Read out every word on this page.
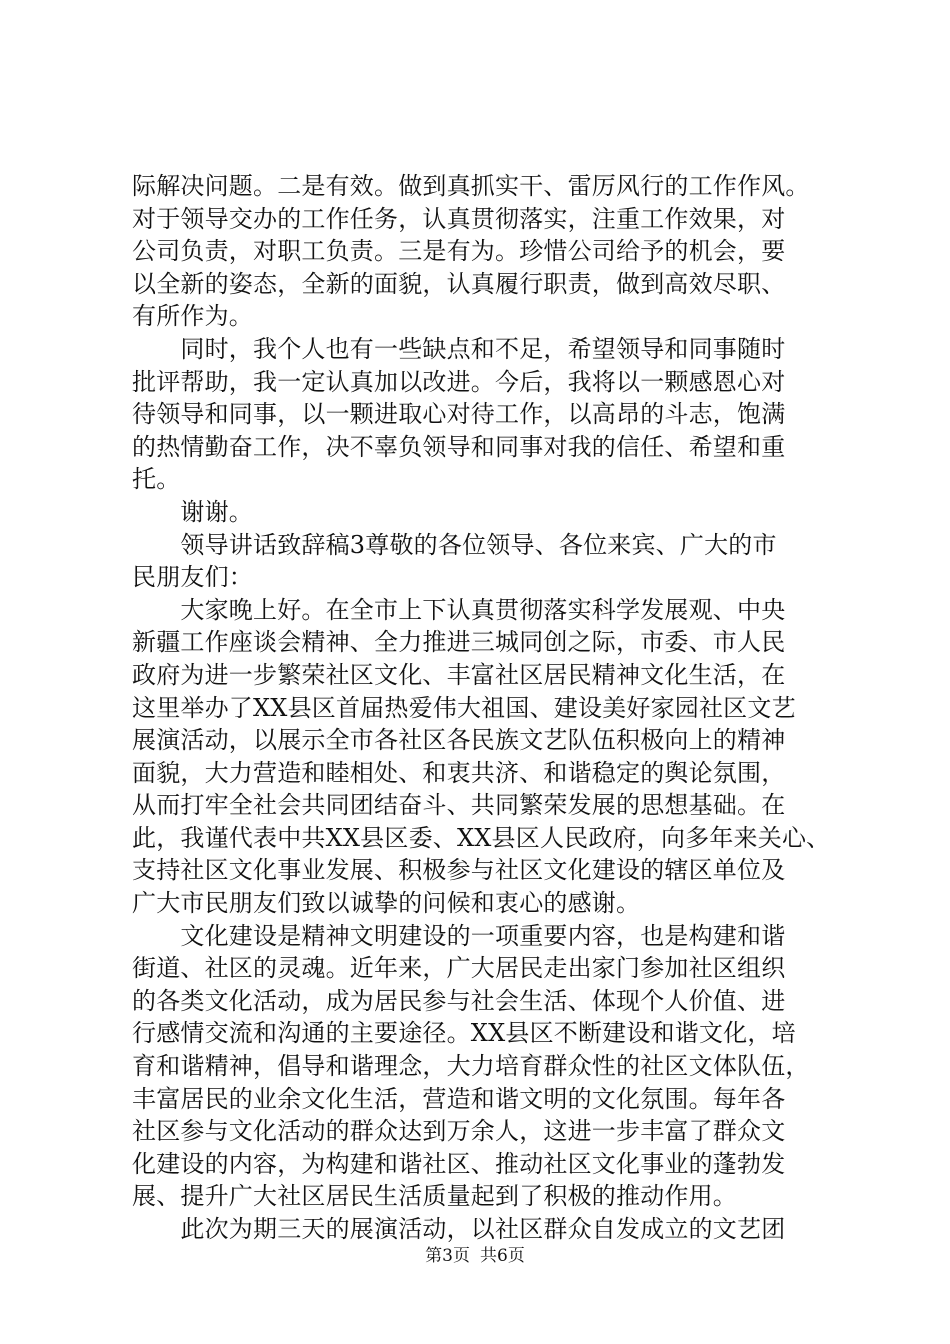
际解决问题。二是有效。做到真抓实干、雷厉风行的工作作风。
对于领导交办的工作任务，认真贯彻落实，注重工作效果，对
公司负责，对职工负责。三是有为。珍惜公司给予的机会，要
以全新的姿态，全新的面貌，认真履行职责，做到高效尽职、
有所作为。
　　同时，我个人也有一些缺点和不足，希望领导和同事随时
批评帮助，我一定认真加以改进。今后，我将以一颗感恩心对
待领导和同事，以一颗进取心对待工作，以高昂的斗志，饱满
的热情勤奋工作，决不辜负领导和同事对我的信任、希望和重
托。
　　谢谢。
　　领导讲话致辞稿3尊敬的各位领导、各位来宾、广大的市
民朋友们：
　　大家晚上好。在全市上下认真贯彻落实科学发展观、中央
新疆工作座谈会精神、全力推进三城同创之际，市委、市人民
政府为进一步繁荣社区文化、丰富社区居民精神文化生活，在
这里举办了XX县区首届热爱伟大祖国、建设美好家园社区文艺
展演活动，以展示全市各社区各民族文艺队伍积极向上的精神
面貌，大力营造和睦相处、和衷共济、和谐稳定的舆论氛围，
从而打牢全社会共同团结奋斗、共同繁荣发展的思想基础。在
此，我谨代表中共XX县区委、XX县区人民政府，向多年来关心、
支持社区文化事业发展、积极参与社区文化建设的辖区单位及
广大市民朋友们致以诚挚的问候和衷心的感谢。
　　文化建设是精神文明建设的一项重要内容，也是构建和谐
街道、社区的灵魂。近年来，广大居民走出家门参加社区组织
的各类文化活动，成为居民参与社会生活、体现个人价值、进
行感情交流和沟通的主要途径。XX县区不断建设和谐文化，培
育和谐精神，倡导和谐理念，大力培育群众性的社区文体队伍，
丰富居民的业余文化生活，营造和谐文明的文化氛围。每年各
社区参与文化活动的群众达到万余人，这进一步丰富了群众文
化建设的内容，为构建和谐社区、推动社区文化事业的蓬勃发
展、提升广大社区居民生活质量起到了积极的推动作用。
　　此次为期三天的展演活动，以社区群众自发成立的文艺团
第3页 共6页
